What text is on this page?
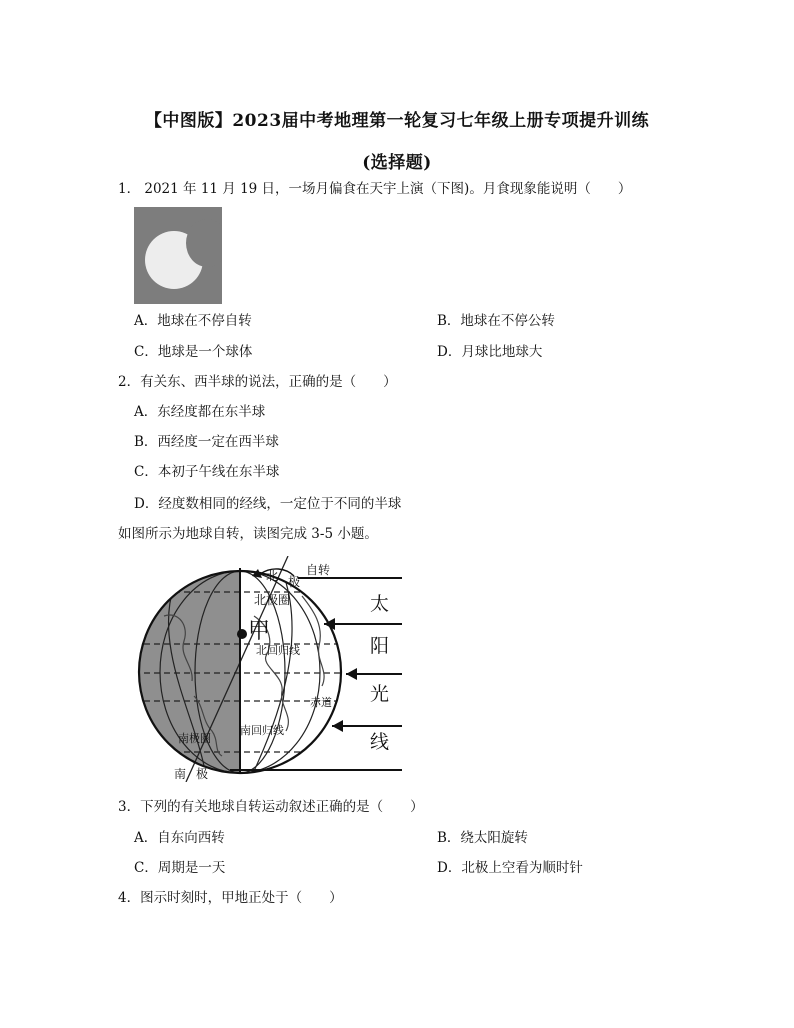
【中图版】2023届中考地理第一轮复习七年级上册专项提升训练
(选择题)
1． 2021 年 11 月 19 日，一场月偏食在天宇上演（下图)。月食现象能说明（　　）
A．地球在不停自转	B．地球在不停公转
C．地球是一个球体	D．月球比地球大
2．有关东、西半球的说法，正确的是（　　）
A．东经度都在东半球
B．西经度一定在西半球
C．本初子午线在东半球
D．经度数相同的经线，一定位于不同的半球
如图所示为地球自转，读图完成 3-5 小题。
北 极
自转
北极圈
北回归线
赤道
南回归线
南极圈
南 极
甲
太
阳
光
线
3．下列的有关地球自转运动叙述正确的是（　　）
A．自东向西转	B．绕太阳旋转
C．周期是一天	D．北极上空看为顺时针
4．图示时刻时，甲地正处于（　　）
